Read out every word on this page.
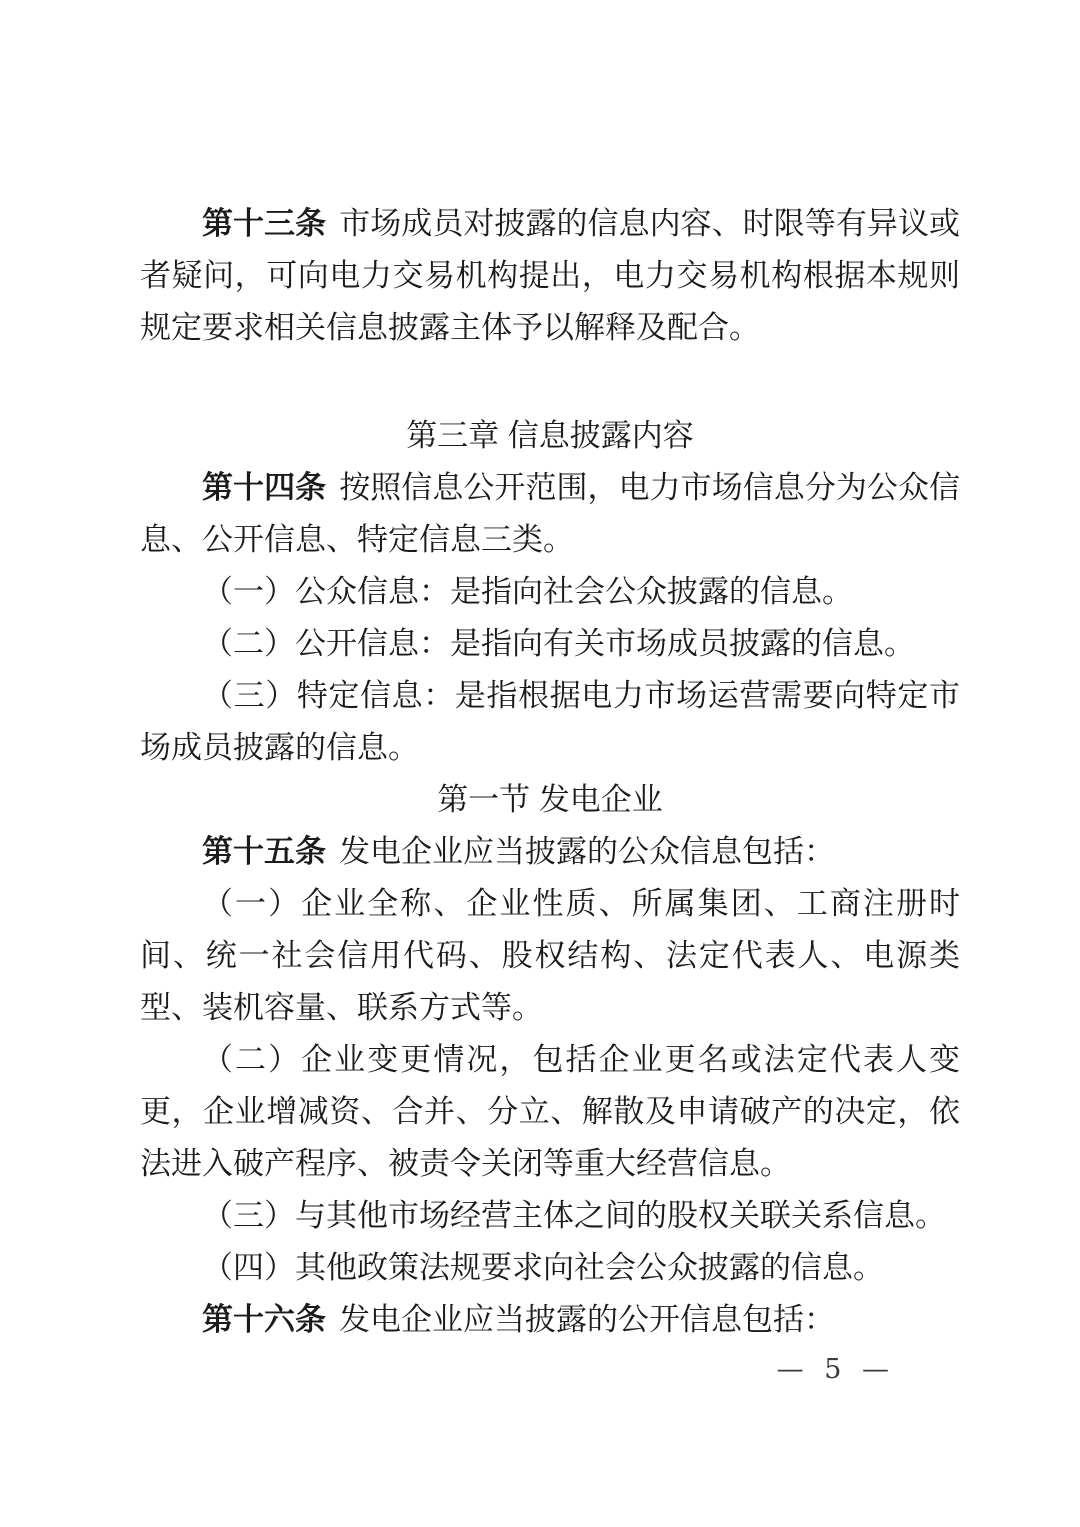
第十三条 市场成员对披露的信息内容、时限等有异议或者疑问，可向电力交易机构提出，电力交易机构根据本规则规定要求相关信息披露主体予以解释及配合。

第三章 信息披露内容

第十四条 按照信息公开范围，电力市场信息分为公众信息、公开信息、特定信息三类。

（一）公众信息：是指向社会公众披露的信息。

（二）公开信息：是指向有关市场成员披露的信息。

（三）特定信息：是指根据电力市场运营需要向特定市场成员披露的信息。

第一节 发电企业

第十五条 发电企业应当披露的公众信息包括：

（一）企业全称、企业性质、所属集团、工商注册时间、统一社会信用代码、股权结构、法定代表人、电源类型、装机容量、联系方式等。

（二）企业变更情况，包括企业更名或法定代表人变更，企业增减资、合并、分立、解散及申请破产的决定，依法进入破产程序、被责令关闭等重大经营信息。

（三）与其他市场经营主体之间的股权关联关系信息。

（四）其他政策法规要求向社会公众披露的信息。

第十六条 发电企业应当披露的公开信息包括：

— 5 —
